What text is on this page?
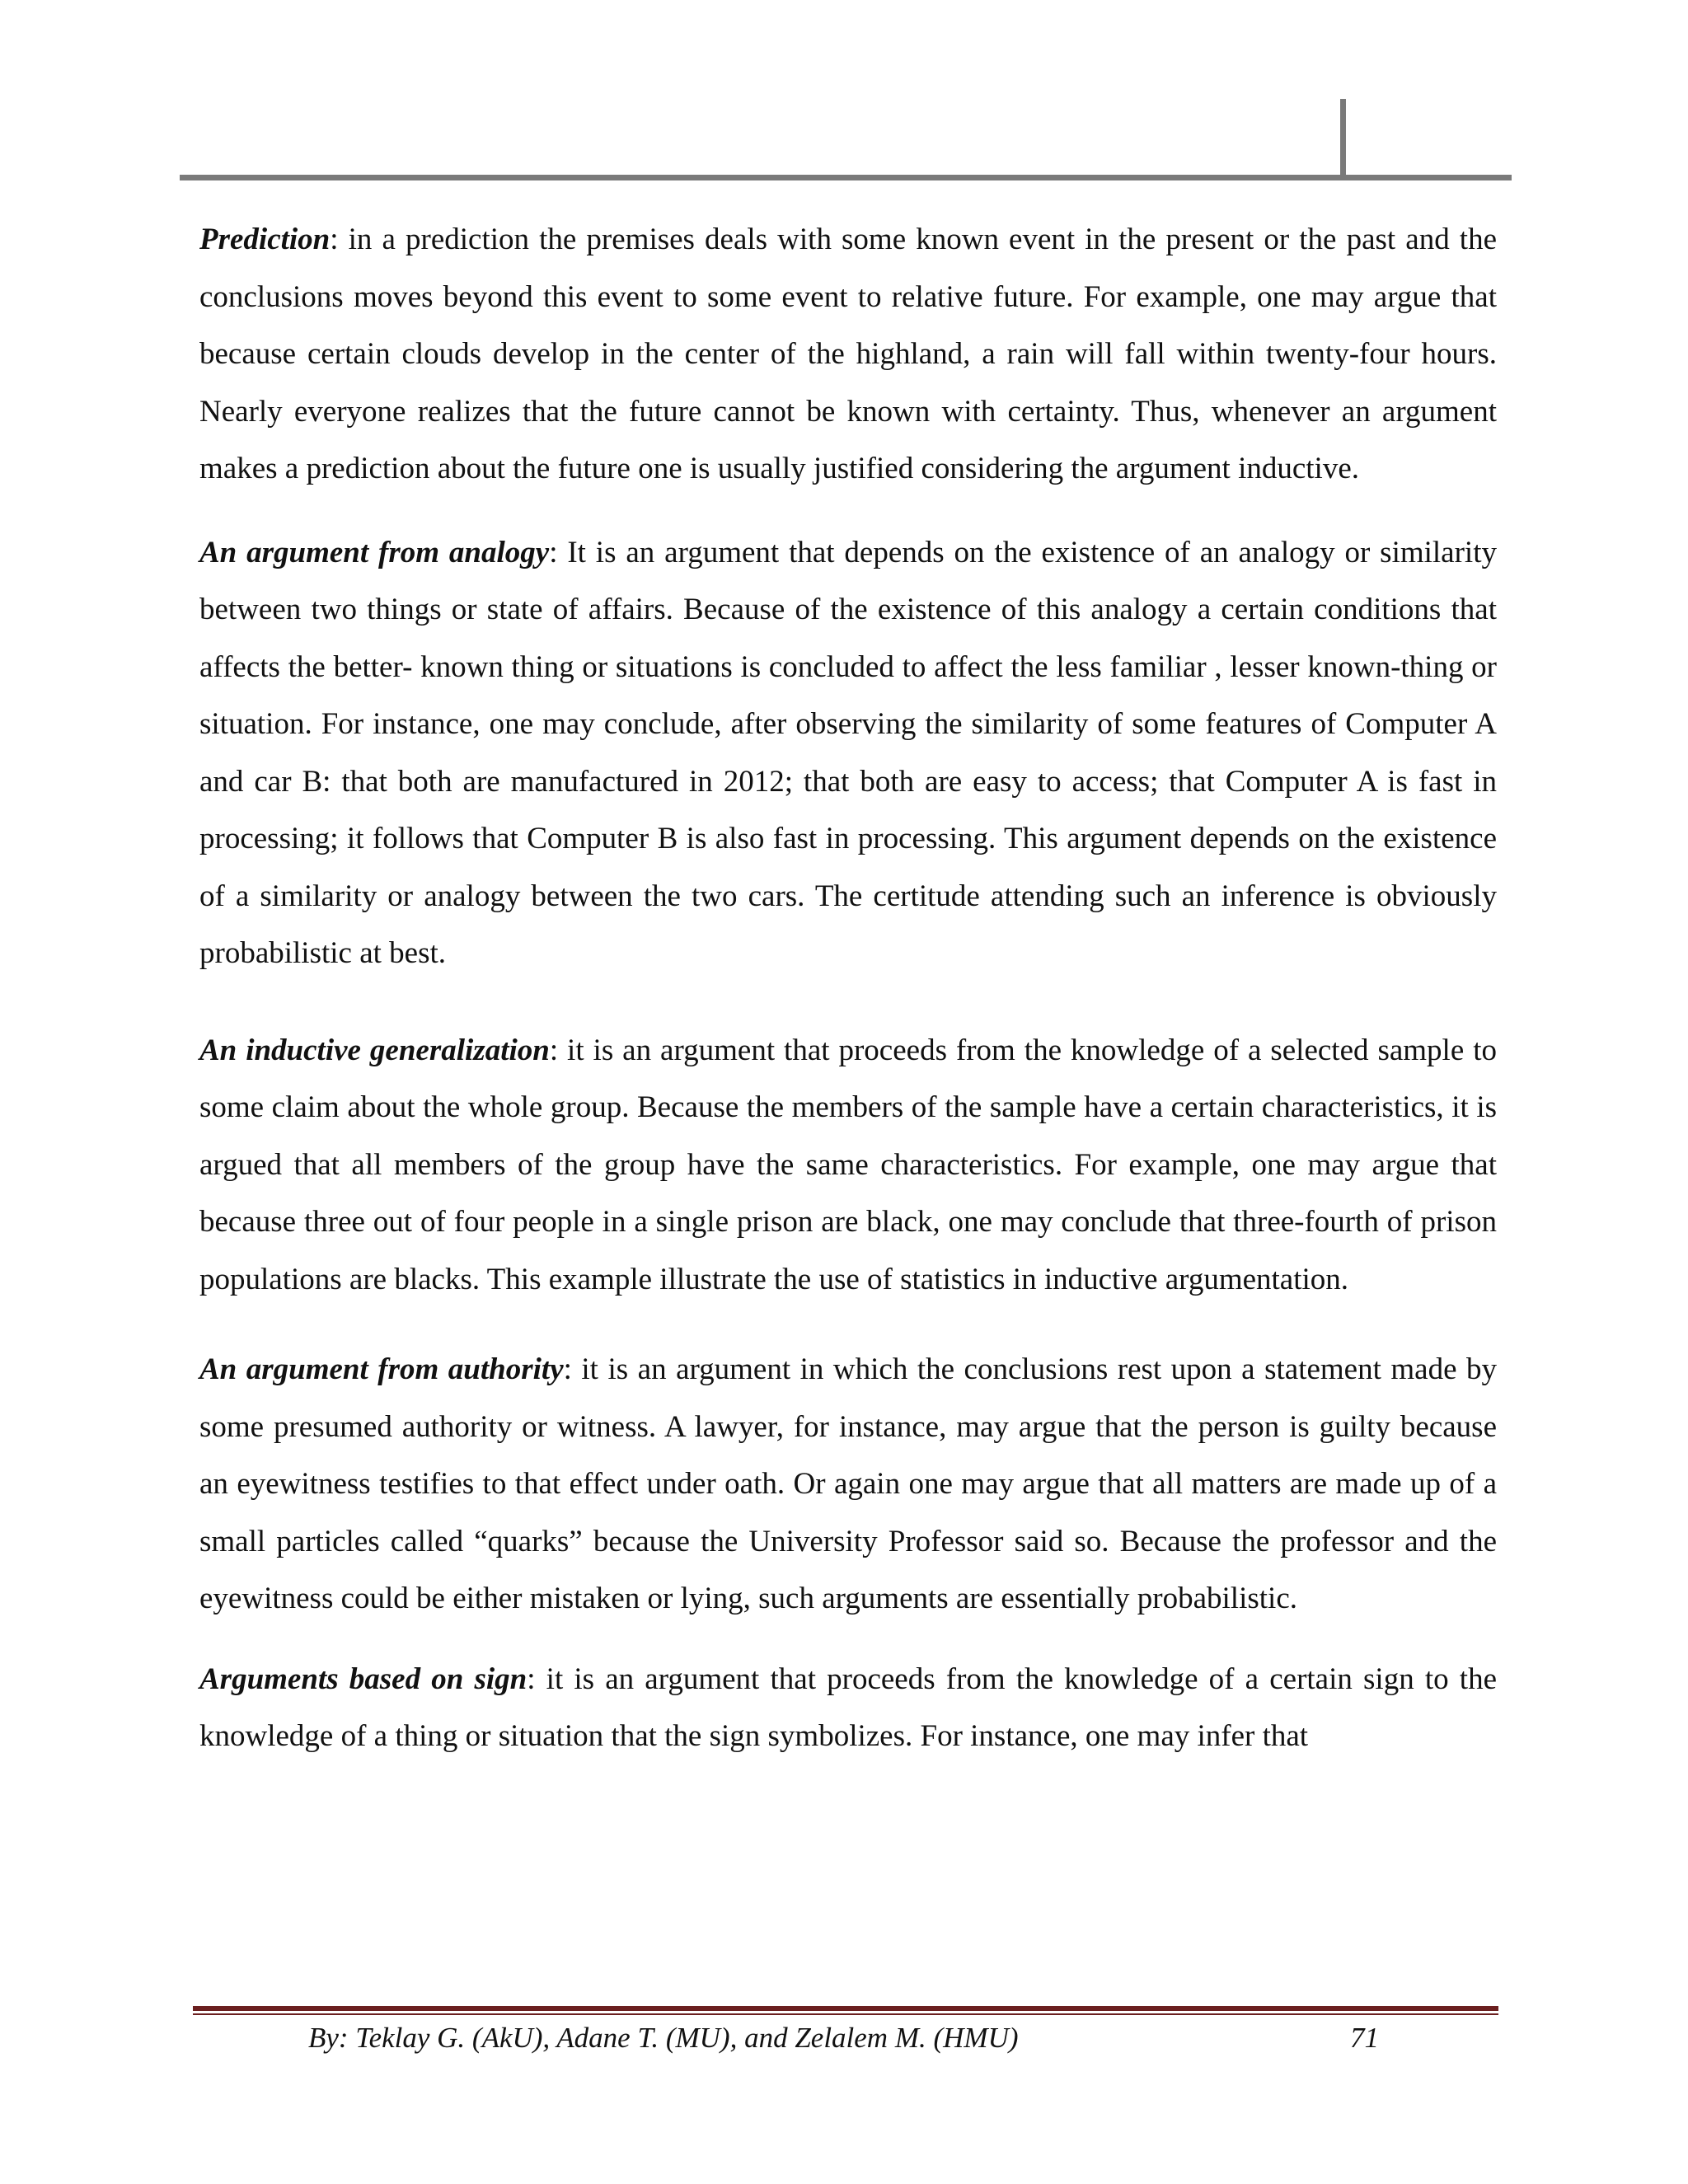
Prediction: in a prediction the premises deals with some known event in the present or the past and the conclusions moves beyond this event to some event to relative future. For example, one may argue that because certain clouds develop in the center of the highland, a rain will fall within twenty-four hours. Nearly everyone realizes that the future cannot be known with certainty. Thus, whenever an argument makes a prediction about the future one is usually justified considering the argument inductive.

An argument from analogy: It is an argument that depends on the existence of an analogy or similarity between two things or state of affairs. Because of the existence of this analogy a certain conditions that affects the better- known thing or situations is concluded to affect the less familiar , lesser known-thing or situation. For instance, one may conclude, after observing the similarity of some features of Computer A and car B: that both are manufactured in 2012; that both are easy to access; that Computer A is fast in processing; it follows that Computer B is also fast in processing. This argument depends on the existence of a similarity or analogy between the two cars. The certitude attending such an inference is obviously probabilistic at best.

An inductive generalization: it is an argument that proceeds from the knowledge of a selected sample to some claim about the whole group. Because the members of the sample have a certain characteristics, it is argued that all members of the group have the same characteristics. For example, one may argue that because three out of four people in a single prison are black, one may conclude that three-fourth of prison populations are blacks. This example illustrate the use of statistics in inductive argumentation.

An argument from authority: it is an argument in which the conclusions rest upon a statement made by some presumed authority or witness. A lawyer, for instance, may argue that the person is guilty because an eyewitness testifies to that effect under oath. Or again one may argue that all matters are made up of a small particles called “quarks” because the University Professor said so. Because the professor and the eyewitness could be either mistaken or lying, such arguments are essentially probabilistic.

Arguments based on sign: it is an argument that proceeds from the knowledge of a certain sign to the knowledge of a thing or situation that the sign symbolizes. For instance, one may infer that

By: Teklay G. (AkU), Adane T. (MU), and Zelalem M. (HMU)	71
